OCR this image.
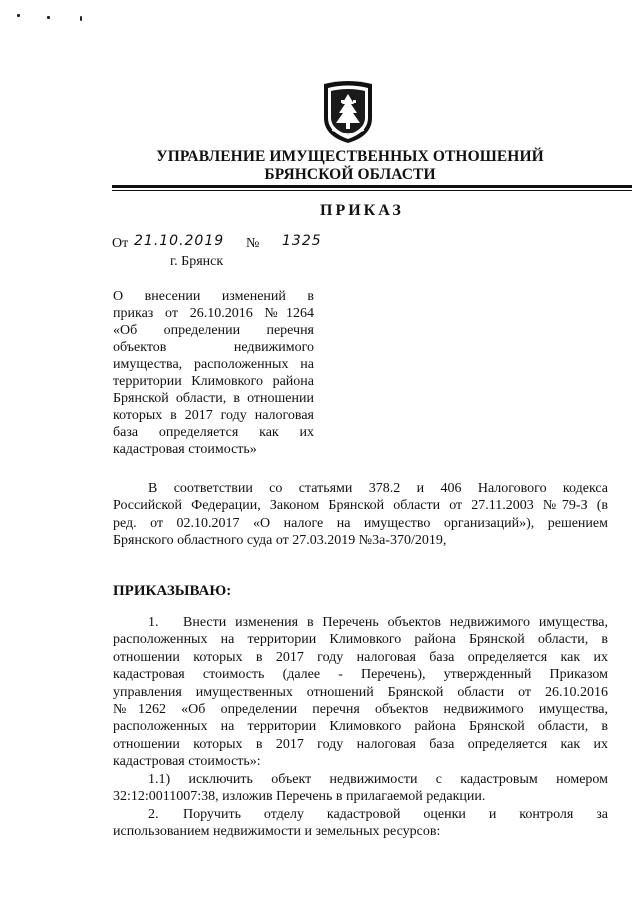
УПРАВЛЕНИЕ ИМУЩЕСТВЕННЫХ ОТНОШЕНИЙ
БРЯНСКОЙ ОБЛАСТИ
ПРИКАЗ
От 21.10.2019 № 1325
г. Брянск
О внесении изменений в
приказ от 26.10.2016 №1264
«Об определении перечня
объектов недвижимого
имущества, расположенных на
территории Климовкого района
Брянской области, в отношении
которых в 2017 году налоговая
база определяется как их
кадастровая стоимость»
В соответствии со статьями 378.2 и 406 Налогового кодекса
Российской Федерации, Законом Брянской области от 27.11.2003 №79-З (в
ред. от 02.10.2017 «О налоге на имущество организаций»), решением
Брянского областного суда от 27.03.2019 №3а-370/2019,
ПРИКАЗЫВАЮ:
1.	Внести изменения в Перечень объектов недвижимого имущества,
расположенных на территории Климовкого района Брянской области, в
отношении которых в 2017 году налоговая база определяется как их
кадастровая стоимость (далее - Перечень), утвержденный Приказом
управления имущественных отношений Брянской области от 26.10.2016
№1262 «Об определении перечня объектов недвижимого имущества,
расположенных на территории Климовкого района Брянской области, в
отношении которых в 2017 году налоговая база определяется как их
кадастровая стоимость»:
1.1) исключить объект недвижимости с кадастровым номером
32:12:0011007:38, изложив Перечень в прилагаемой редакции.
2.	Поручить отделу кадастровой оценки и контроля за
использованием недвижимости и земельных ресурсов:
